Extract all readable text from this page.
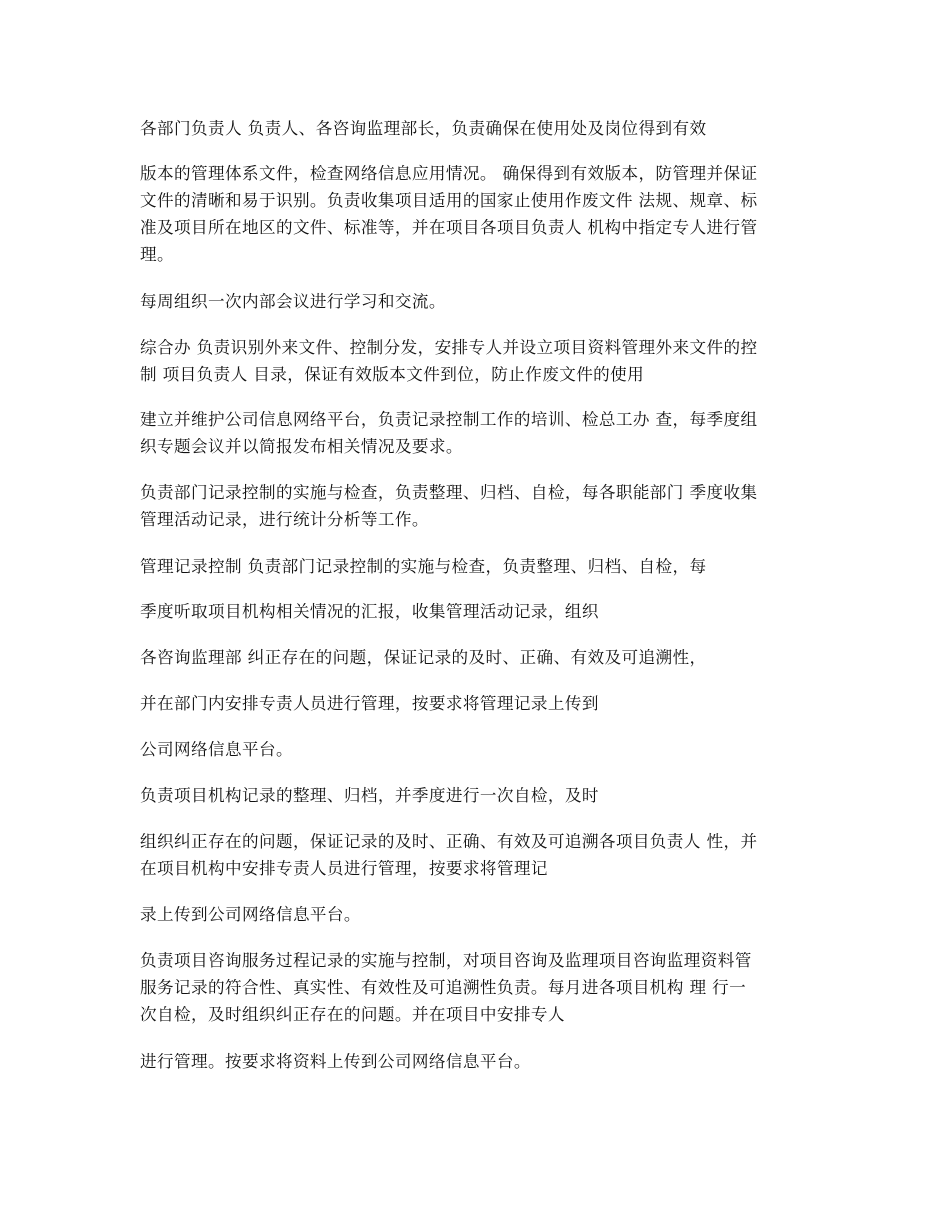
各部门负责人 负责人、各咨询监理部长，负责确保在使用处及岗位得到有效

版本的管理体系文件，检查网络信息应用情况。 确保得到有效版本，防管理并保证
文件的清晰和易于识别。负责收集项目适用的国家止使用作废文件 法规、规章、标
准及项目所在地区的文件、标准等，并在项目各项目负责人 机构中指定专人进行管
理。

每周组织一次内部会议进行学习和交流。

综合办 负责识别外来文件、控制分发，安排专人并设立项目资料管理外来文件的控
制 项目负责人 目录，保证有效版本文件到位，防止作废文件的使用

建立并维护公司信息网络平台，负责记录控制工作的培训、检总工办 查，每季度组
织专题会议并以简报发布相关情况及要求。

负责部门记录控制的实施与检查，负责整理、归档、自检，每各职能部门 季度收集
管理活动记录，进行统计分析等工作。

管理记录控制 负责部门记录控制的实施与检查，负责整理、归档、自检，每

季度听取项目机构相关情况的汇报，收集管理活动记录，组织

各咨询监理部 纠正存在的问题，保证记录的及时、正确、有效及可追溯性，

并在部门内安排专责人员进行管理，按要求将管理记录上传到

公司网络信息平台。

负责项目机构记录的整理、归档，并季度进行一次自检，及时

组织纠正存在的问题，保证记录的及时、正确、有效及可追溯各项目负责人 性，并
在项目机构中安排专责人员进行管理，按要求将管理记

录上传到公司网络信息平台。

负责项目咨询服务过程记录的实施与控制，对项目咨询及监理项目咨询监理资料管
服务记录的符合性、真实性、有效性及可追溯性负责。每月进各项目机构 理 行一
次自检，及时组织纠正存在的问题。并在项目中安排专人

进行管理。按要求将资料上传到公司网络信息平台。
